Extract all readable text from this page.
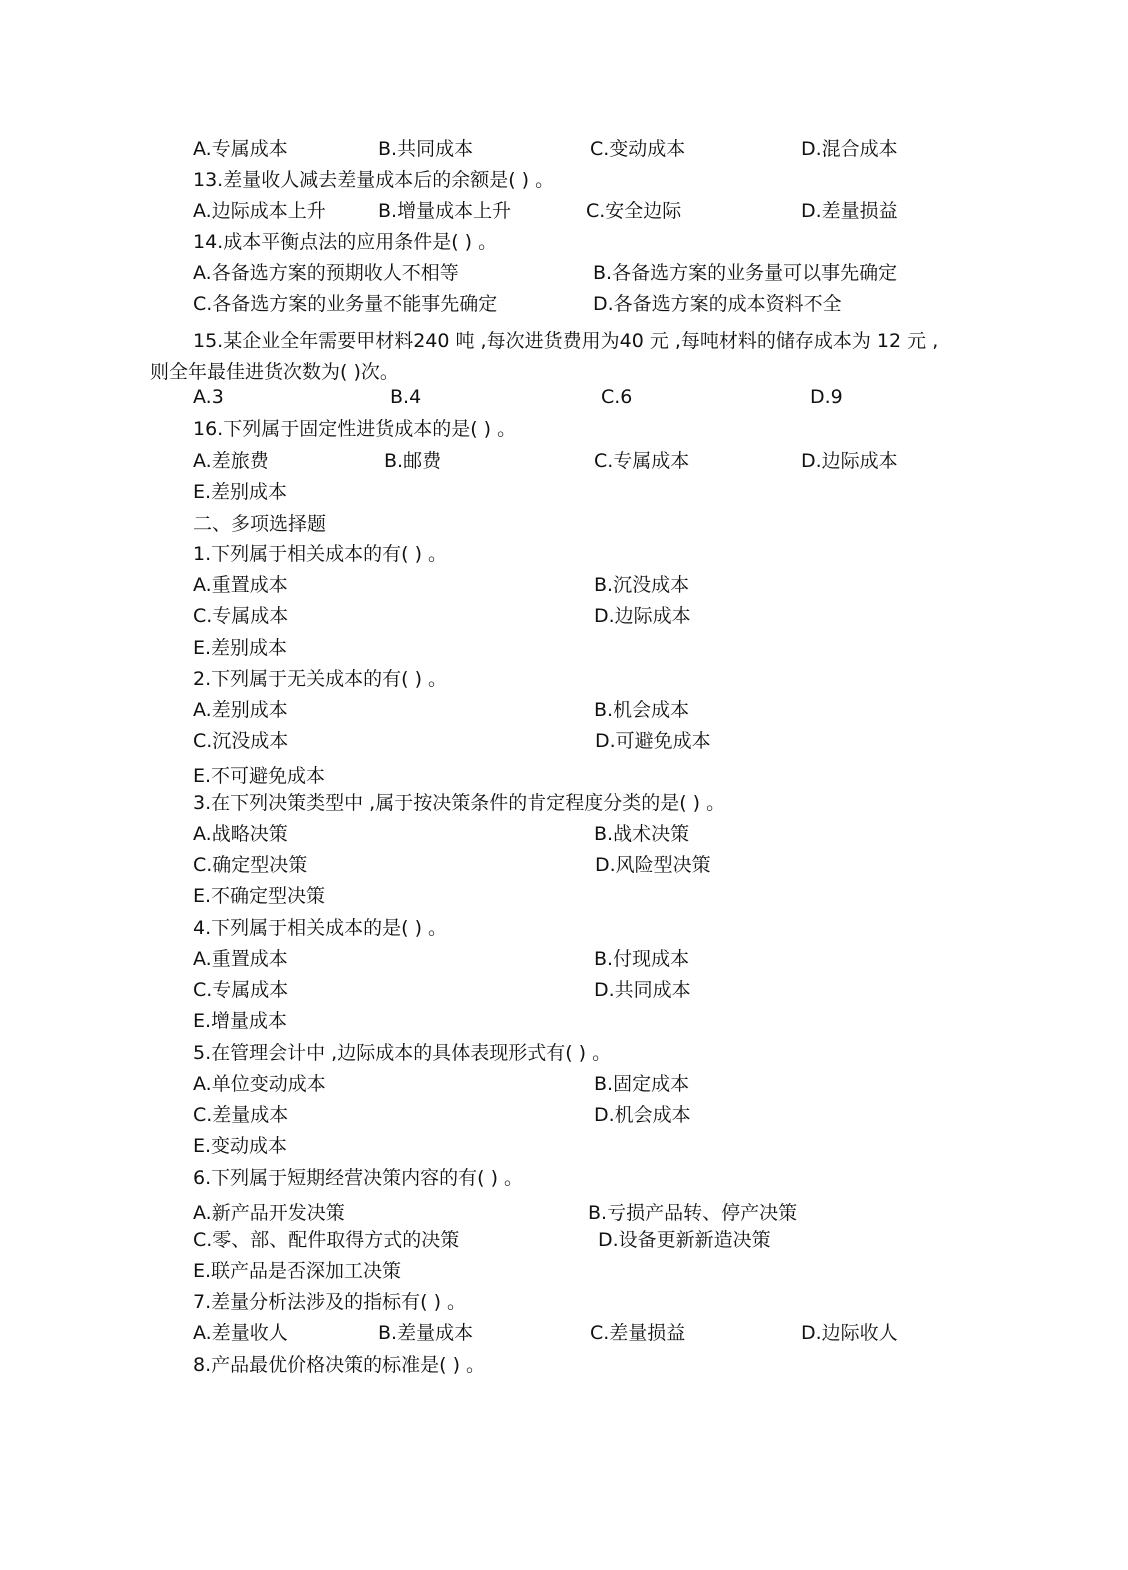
A.专属成本	B.共同成本	C.变动成本	D.混合成本
13.差量收人减去差量成本后的余额是( ) 。
A.边际成本上升	B.增量成本上升	C.安全边际	D.差量损益
14.成本平衡点法的应用条件是( ) 。
A.各备选方案的预期收人不相等	B.各备选方案的业务量可以事先确定
C.各备选方案的业务量不能事先确定	D.各备选方案的成本资料不全
15.某企业全年需要甲材料240 吨 ,每次进货费用为40 元 ,每吨材料的储存成本为 12 元 ,
则全年最佳进货次数为( )次。
A.3	B.4	C.6	D.9
16.下列属于固定性进货成本的是( ) 。
A.差旅费	B.邮费	C.专属成本	D.边际成本
E.差别成本
二、多项选择题
1.下列属于相关成本的有( ) 。
A.重置成本	B.沉没成本
C.专属成本	D.边际成本
E.差别成本
2.下列属于无关成本的有( ) 。
A.差别成本	B.机会成本
C.沉没成本	D.可避免成本
E.不可避免成本
3.在下列决策类型中 ,属于按决策条件的肯定程度分类的是( ) 。
A.战略决策	B.战术决策
C.确定型决策	D.风险型决策
E.不确定型决策
4.下列属于相关成本的是( ) 。
A.重置成本	B.付现成本
C.专属成本	D.共同成本
E.增量成本
5.在管理会计中 ,边际成本的具体表现形式有( ) 。
A.单位变动成本	B.固定成本
C.差量成本	D.机会成本
E.变动成本
6.下列属于短期经营决策内容的有( ) 。
A.新产品开发决策	B.亏损产品转、停产决策
C.零、部、配件取得方式的决策	D.设备更新新造决策
E.联产品是否深加工决策
7.差量分析法涉及的指标有( ) 。
A.差量收人	B.差量成本	C.差量损益	D.边际收人
8.产品最优价格决策的标准是( ) 。
